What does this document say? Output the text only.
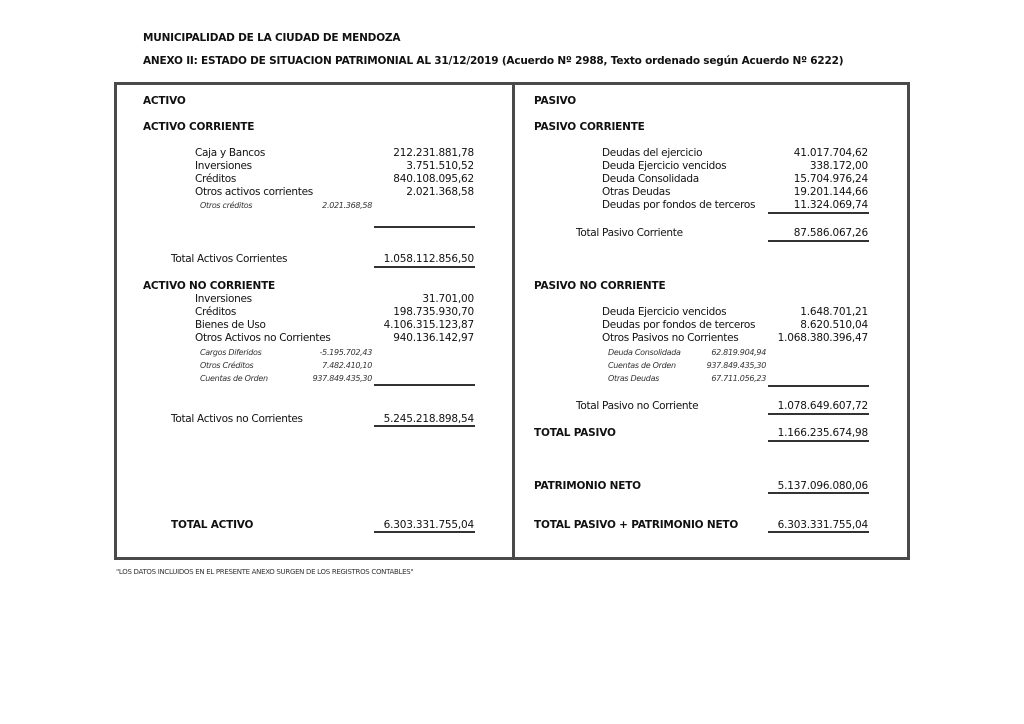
MUNICIPALIDAD DE LA CIUDAD DE MENDOZA
ANEXO II: ESTADO DE SITUACION PATRIMONIAL AL 31/12/2019 (Acuerdo Nº 2988, Texto ordenado según Acuerdo Nº 6222)
ACTIVO
ACTIVO CORRIENTE
Caja y Bancos	212.231.881,78
Inversiones	3.751.510,52
Créditos	840.108.095,62
Otros activos corrientes	2.021.368,58
Otros créditos	2.021.368,58
Total Activos Corrientes	1.058.112.856,50
ACTIVO NO CORRIENTE
Inversiones	31.701,00
Créditos	198.735.930,70
Bienes de Uso	4.106.315.123,87
Otros Activos no Corrientes	940.136.142,97
Cargos Diferidos	-5.195.702,43
Otros Créditos	7.482.410,10
Cuentas de Orden	937.849.435,30
Total Activos no Corrientes	5.245.218.898,54
TOTAL ACTIVO	6.303.331.755,04
PASIVO
PASIVO CORRIENTE
Deudas del ejercicio	41.017.704,62
Deuda Ejercicio vencidos	338.172,00
Deuda Consolidada	15.704.976,24
Otras Deudas	19.201.144,66
Deudas por fondos de terceros	11.324.069,74
Total Pasivo Corriente	87.586.067,26
PASIVO NO CORRIENTE
Deuda Ejercicio vencidos	1.648.701,21
Deudas por fondos de terceros	8.620.510,04
Otros Pasivos no Corrientes	1.068.380.396,47
Deuda Consolidada	62.819.904,94
Cuentas de Orden	937.849.435,30
Otras Deudas	67.711.056,23
Total Pasivo no Corriente	1.078.649.607,72
TOTAL PASIVO	1.166.235.674,98
PATRIMONIO NETO	5.137.096.080,06
TOTAL PASIVO + PATRIMONIO NETO	6.303.331.755,04
"LOS DATOS INCLUIDOS EN EL PRESENTE ANEXO SURGEN DE LOS REGISTROS CONTABLES"
